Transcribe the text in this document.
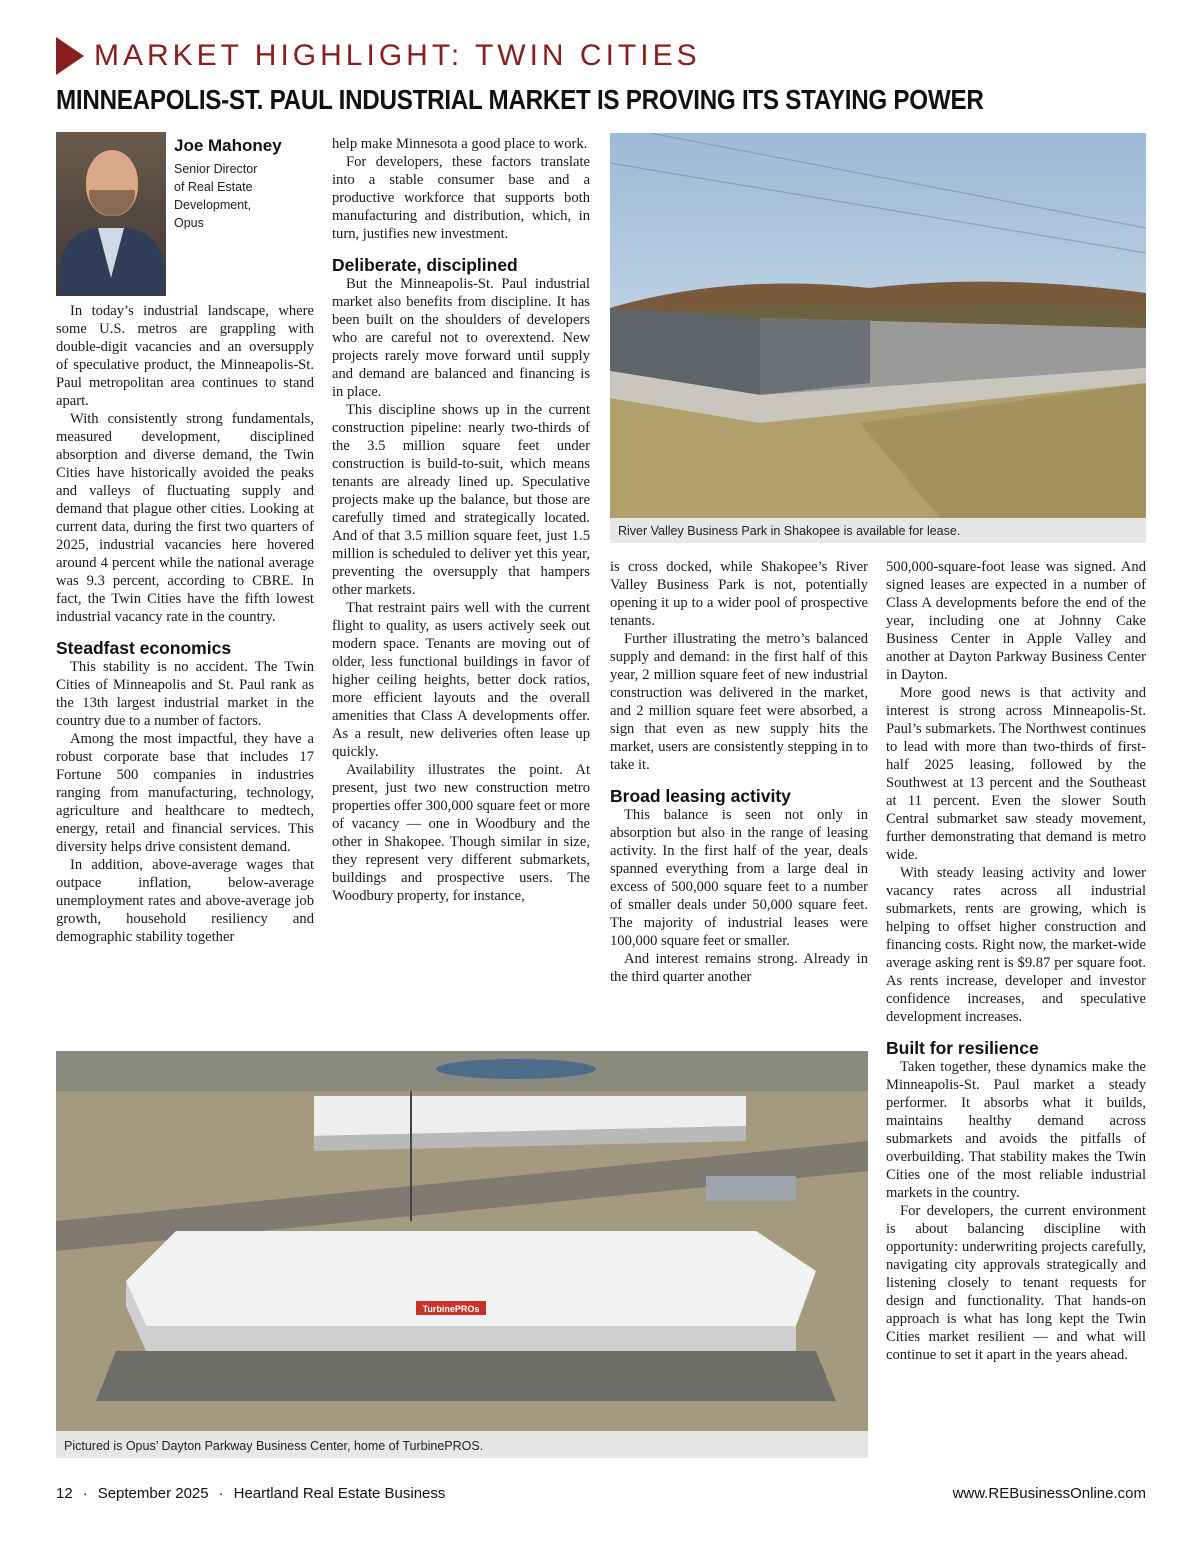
MARKET HIGHLIGHT: TWIN CITIES
MINNEAPOLIS-ST. PAUL INDUSTRIAL MARKET IS PROVING ITS STAYING POWER
Joe Mahoney
Senior Director
of Real Estate
Development,
Opus

In today’s industrial landscape, where some U.S. metros are grappling with double-digit vacancies and an oversupply of speculative product, the Minneapolis-St. Paul metropolitan area continues to stand apart.

With consistently strong fundamentals, measured development, disciplined absorption and diverse demand, the Twin Cities have historically avoided the peaks and valleys of fluctuating supply and demand that plague other cities. Looking at current data, during the first two quarters of 2025, industrial vacancies here hovered around 4 percent while the national average was 9.3 percent, according to CBRE. In fact, the Twin Cities have the fifth lowest industrial vacancy rate in the country.

Steadfast economics

This stability is no accident. The Twin Cities of Minneapolis and St. Paul rank as the 13th largest industrial market in the country due to a number of factors.

Among the most impactful, they have a robust corporate base that includes 17 Fortune 500 companies in industries ranging from manufacturing, technology, agriculture and healthcare to medtech, energy, retail and financial services. This diversity helps drive consistent demand.

In addition, above-average wages that outpace inflation, below-average unemployment rates and above-average job growth, household resiliency and demographic stability together

help make Minnesota a good place to work.

For developers, these factors translate into a stable consumer base and a productive workforce that supports both manufacturing and distribution, which, in turn, justifies new investment.

Deliberate, disciplined

But the Minneapolis-St. Paul industrial market also benefits from discipline. It has been built on the shoulders of developers who are careful not to overextend. New projects rarely move forward until supply and demand are balanced and financing is in place.

This discipline shows up in the current construction pipeline: nearly two-thirds of the 3.5 million square feet under construction is build-to-suit, which means tenants are already lined up. Speculative projects make up the balance, but those are carefully timed and strategically located. And of that 3.5 million square feet, just 1.5 million is scheduled to deliver yet this year, preventing the oversupply that hampers other markets.

That restraint pairs well with the current flight to quality, as users actively seek out modern space. Tenants are moving out of older, less functional buildings in favor of higher ceiling heights, better dock ratios, more efficient layouts and the overall amenities that Class A developments offer. As a result, new deliveries often lease up quickly.

Availability illustrates the point. At present, just two new construction metro properties offer 300,000 square feet or more of vacancy — one in Woodbury and the other in Shakopee. Though similar in size, they represent very different submarkets, buildings and prospective users. The Woodbury property, for instance,

River Valley Business Park in Shakopee is available for lease.

is cross docked, while Shakopee’s River Valley Business Park is not, potentially opening it up to a wider pool of prospective tenants.

Further illustrating the metro’s balanced supply and demand: in the first half of this year, 2 million square feet of new industrial construction was delivered in the market, and 2 million square feet were absorbed, a sign that even as new supply hits the market, users are consistently stepping in to take it.

Broad leasing activity

This balance is seen not only in absorption but also in the range of leasing activity. In the first half of the year, deals spanned everything from a large deal in excess of 500,000 square feet to a number of smaller deals under 50,000 square feet. The majority of industrial leases were 100,000 square feet or smaller.

And interest remains strong. Already in the third quarter another

500,000-square-foot lease was signed. And signed leases are expected in a number of Class A developments before the end of the year, including one at Johnny Cake Business Center in Apple Valley and another at Dayton Parkway Business Center in Dayton.

More good news is that activity and interest is strong across Minneapolis-St. Paul’s submarkets. The Northwest continues to lead with more than two-thirds of first-half 2025 leasing, followed by the Southwest at 13 percent and the Southeast at 11 percent. Even the slower South Central submarket saw steady movement, further demonstrating that demand is metro wide.

With steady leasing activity and lower vacancy rates across all industrial submarkets, rents are growing, which is helping to offset higher construction and financing costs. Right now, the market-wide average asking rent is $9.87 per square foot. As rents increase, developer and investor confidence increases, and speculative development increases.

Built for resilience

Taken together, these dynamics make the Minneapolis-St. Paul market a steady performer. It absorbs what it builds, maintains healthy demand across submarkets and avoids the pitfalls of overbuilding. That stability makes the Twin Cities one of the most reliable industrial markets in the country.

For developers, the current environment is about balancing discipline with opportunity: underwriting projects carefully, navigating city approvals strategically and listening closely to tenant requests for design and functionality. That hands-on approach is what has long kept the Twin Cities market resilient — and what will continue to set it apart in the years ahead.

TurbinePROs
Pictured is Opus’ Dayton Parkway Business Center, home of TurbinePROS.
12 · September 2025 · Heartland Real Estate Business	www.REBusinessOnline.com
